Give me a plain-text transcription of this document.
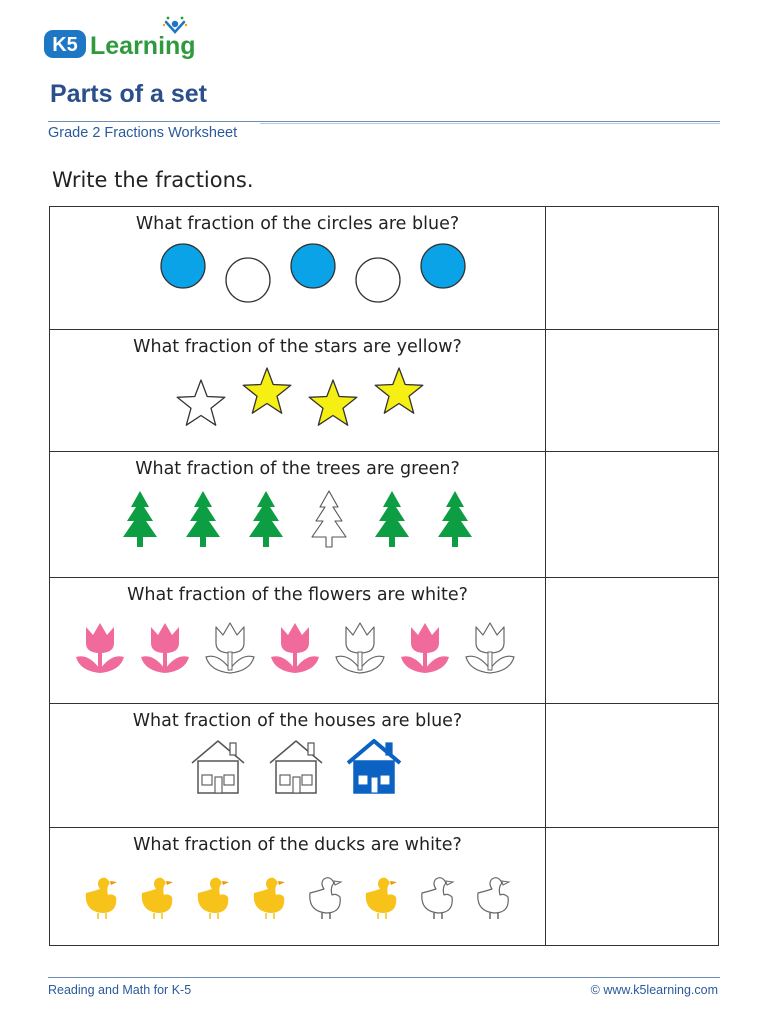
K5 Learning
Parts of a set
Grade 2 Fractions Worksheet
Write the fractions.
What fraction of the circles are blue?	

What fraction of the stars are yellow?	

What fraction of the trees are green?	

What fraction of the flowers are white?	

What fraction of the houses are blue?	

What fraction of the ducks are white?	

Reading and Math for K-5	© www.k5learning.com
